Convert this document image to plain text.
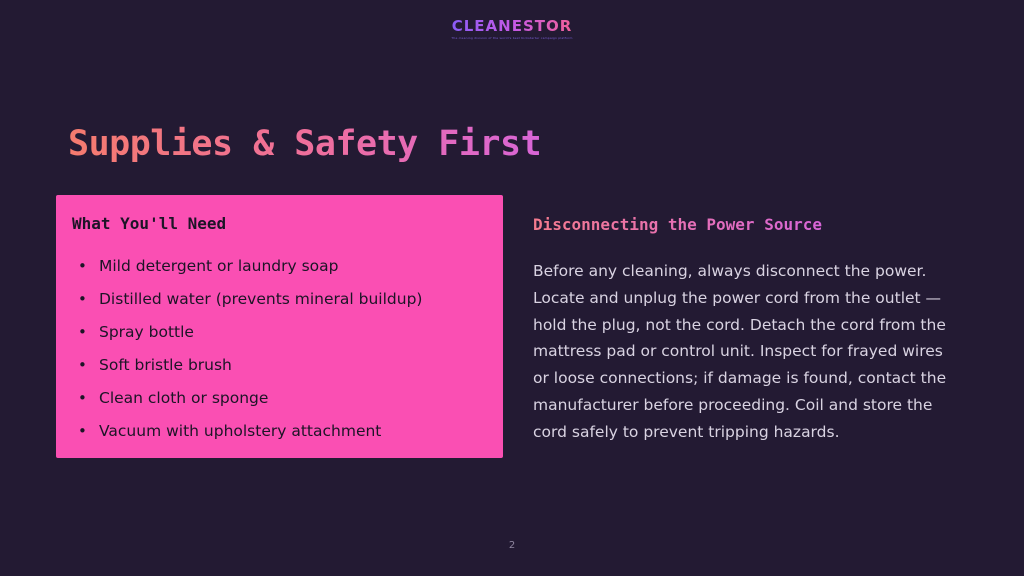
CLEANESTOR
The cleaning division of the world's best Kickstarter campaign platform
Supplies & Safety First
What You'll Need
• Mild detergent or laundry soap
• Distilled water (prevents mineral buildup)
• Spray bottle
• Soft bristle brush
• Clean cloth or sponge
• Vacuum with upholstery attachment
Disconnecting the Power Source

Before any cleaning, always disconnect the power.
Locate and unplug the power cord from the outlet —
hold the plug, not the cord. Detach the cord from the
mattress pad or control unit. Inspect for frayed wires
or loose connections; if damage is found, contact the
manufacturer before proceeding. Coil and store the
cord safely to prevent tripping hazards.

2
